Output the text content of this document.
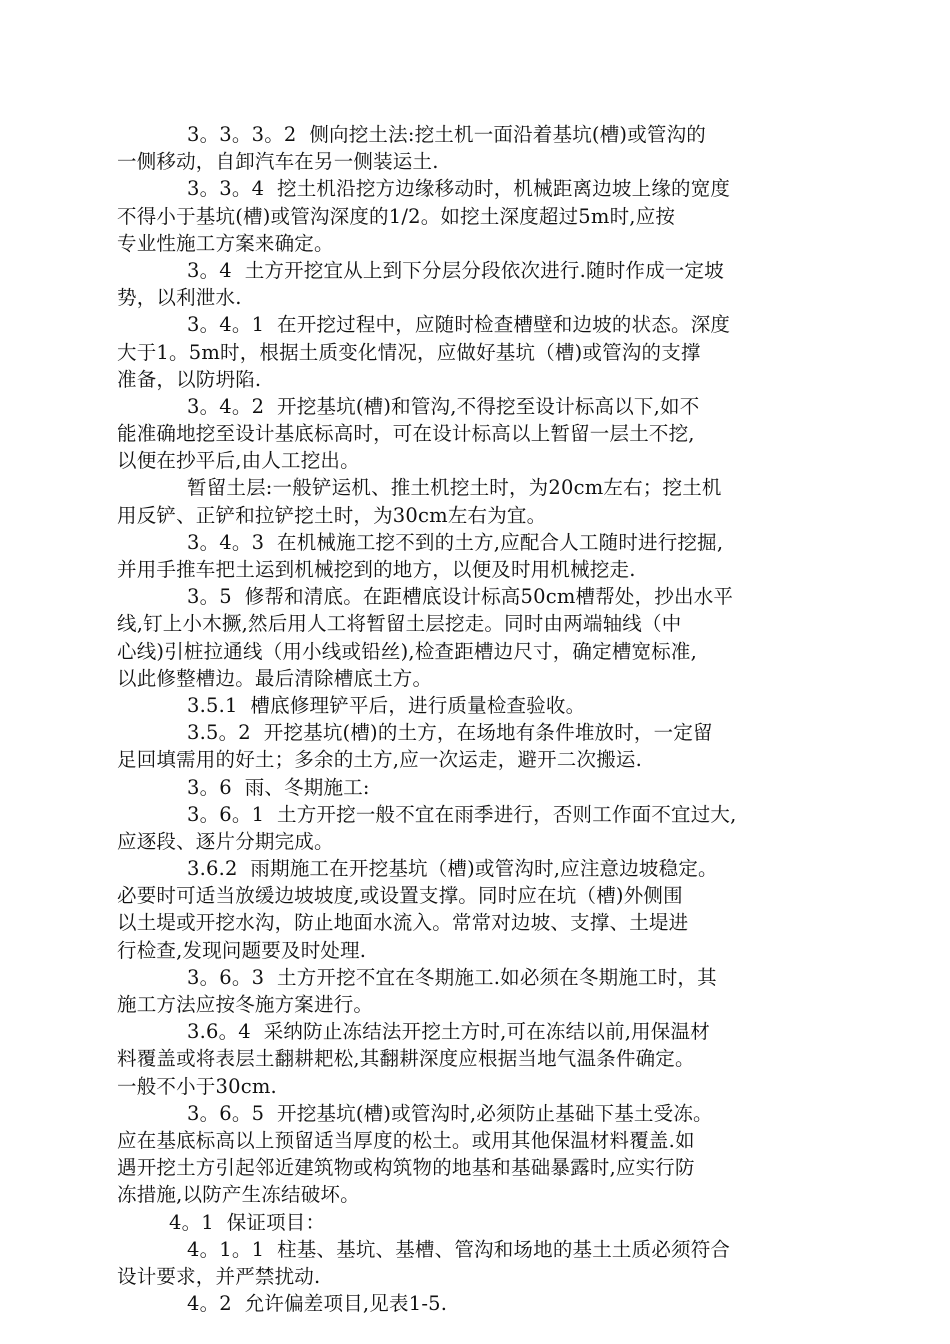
3。3。3。2  侧向挖土法:挖土机一面沿着基坑(槽)或管沟的
一侧移动，自卸汽车在另一侧装运土.
3。3。4  挖土机沿挖方边缘移动时，机械距离边坡上缘的宽度
不得小于基坑(槽)或管沟深度的1/2。如挖土深度超过5m时,应按
专业性施工方案来确定。
3。4  土方开挖宜从上到下分层分段依次进行.随时作成一定坡
势，以利泄水.
3。4。1  在开挖过程中，应随时检查槽壁和边坡的状态。深度
大于1。5m时，根据土质变化情况，应做好基坑（槽)或管沟的支撑
准备，以防坍陷.
3。4。2  开挖基坑(槽)和管沟,不得挖至设计标高以下,如不
能准确地挖至设计基底标高时，可在设计标高以上暂留一层土不挖,
以便在抄平后,由人工挖出。
暂留土层:一般铲运机、推土机挖土时，为20cm左右；挖土机
用反铲、正铲和拉铲挖土时，为30cm左右为宜。
3。4。3  在机械施工挖不到的土方,应配合人工随时进行挖掘,
并用手推车把土运到机械挖到的地方，以便及时用机械挖走.
3。5  修帮和清底。在距槽底设计标高50cm槽帮处，抄出水平
线,钉上小木撅,然后用人工将暂留土层挖走。同时由两端轴线（中
心线)引桩拉通线（用小线或铅丝),检查距槽边尺寸，确定槽宽标准,
以此修整槽边。最后清除槽底土方。
3.5.1  槽底修理铲平后，进行质量检查验收。
3.5。2  开挖基坑(槽)的土方，在场地有条件堆放时，一定留
足回填需用的好土；多余的土方,应一次运走，避开二次搬运.
3。6  雨、冬期施工:
3。6。1  土方开挖一般不宜在雨季进行，否则工作面不宜过大,
应逐段、逐片分期完成。
3.6.2  雨期施工在开挖基坑（槽)或管沟时,应注意边坡稳定。
必要时可适当放缓边坡坡度,或设置支撑。同时应在坑（槽)外侧围
以土堤或开挖水沟，防止地面水流入。常常对边坡、支撑、土堤进
行检查,发现问题要及时处理.
3。6。3  土方开挖不宜在冬期施工.如必须在冬期施工时，其
施工方法应按冬施方案进行。
3.6。4  采纳防止冻结法开挖土方时,可在冻结以前,用保温材
料覆盖或将表层土翻耕耙松,其翻耕深度应根据当地气温条件确定。
一般不小于30cm.
3。6。5  开挖基坑(槽)或管沟时,必须防止基础下基土受冻。
应在基底标高以上预留适当厚度的松土。或用其他保温材料覆盖.如
遇开挖土方引起邻近建筑物或构筑物的地基和基础暴露时,应实行防
冻措施,以防产生冻结破坏。
4。1  保证项目：
4。1。1  柱基、基坑、基槽、管沟和场地的基土土质必须符合
设计要求，并严禁扰动.
4。2  允许偏差项目,见表1-5.
